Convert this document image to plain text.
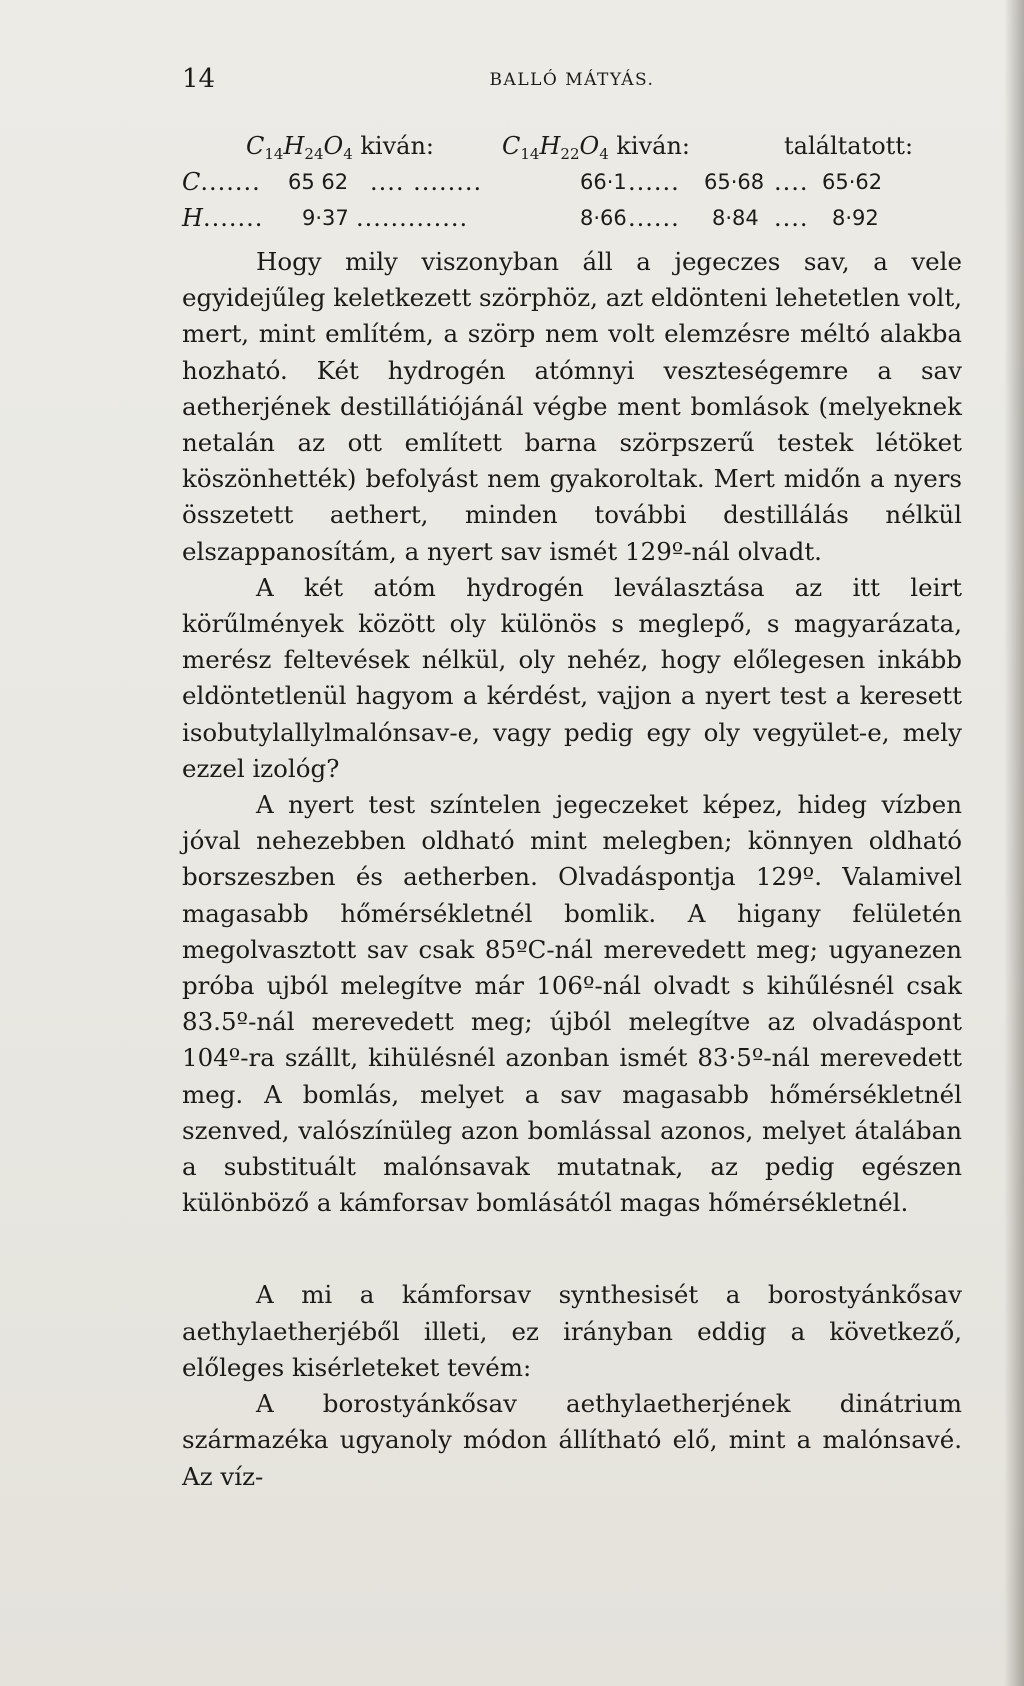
14	BALLÓ MÁTYÁS.
$C_{14}H_{24}O_4$ kiván:	$C_{14}H_{22}O_4$ kiván:	találtatott:
C....... 65 62 .... ........	66·1 ...... 65·68 .... 65·62
H....... 9·37 .............	8·66 ...... 8·84 .... 8·92

Hogy mily viszonyban áll a jegeczes sav, a vele egyidejűleg keletkezett szörphöz, azt eldönteni lehetetlen volt, mert, mint említém, a szörp nem volt elemzésre méltó alakba hozható. Két hydrogén atómnyi veszteségemre a sav aetherjének destillátiójánál végbe ment bomlások (melyeknek netalán az ott említett barna szörpszerű testek létöket köszönhették) befolyást nem gyakoroltak. Mert midőn a nyers összetett aethert, minden további destillálás nélkül elszappanosítám, a nyert sav ismét 129º-nál olvadt.

A két atóm hydrogén leválasztása az itt leirt körűlmények között oly különös s meglepő, s magyarázata, merész feltevések nélkül, oly nehéz, hogy előlegesen inkább eldöntetlenül hagyom a kérdést, vajjon a nyert test a keresett isobutylallylmalónsav-e, vagy pedig egy oly vegyület-e, mely ezzel izológ?

A nyert test színtelen jegeczeket képez, hideg vízben jóval nehezebben oldható mint melegben; könnyen oldható borszeszben és aetherben. Olvadáspontja 129º. Valamivel magasabb hőmérsékletnél bomlik. A higany felületén megolvasztott sav csak 85ºC-nál merevedett meg; ugyanezen próba ujból melegítve már 106º-nál olvadt s kihűlésnél csak 83.5º-nál merevedett meg; újból melegítve az olvadáspont 104º-ra szállt, kihülésnél azonban ismét 83·5º-nál merevedett meg. A bomlás, melyet a sav magasabb hőmérsékletnél szenved, valószínüleg azon bomlással azonos, melyet átalában a substituált malónsavak mutatnak, az pedig egészen különböző a kámforsav bomlásától magas hőmérsékletnél.

A mi a kámforsav synthesisét a borostyánkősav aethylaetherjéből illeti, ez irányban eddig a következő, előleges kisérleteket tevém:

A borostyánkősav aethylaetherjének dinátrium származéka ugyanoly módon állítható elő, mint a malónsavé. Az víz-
